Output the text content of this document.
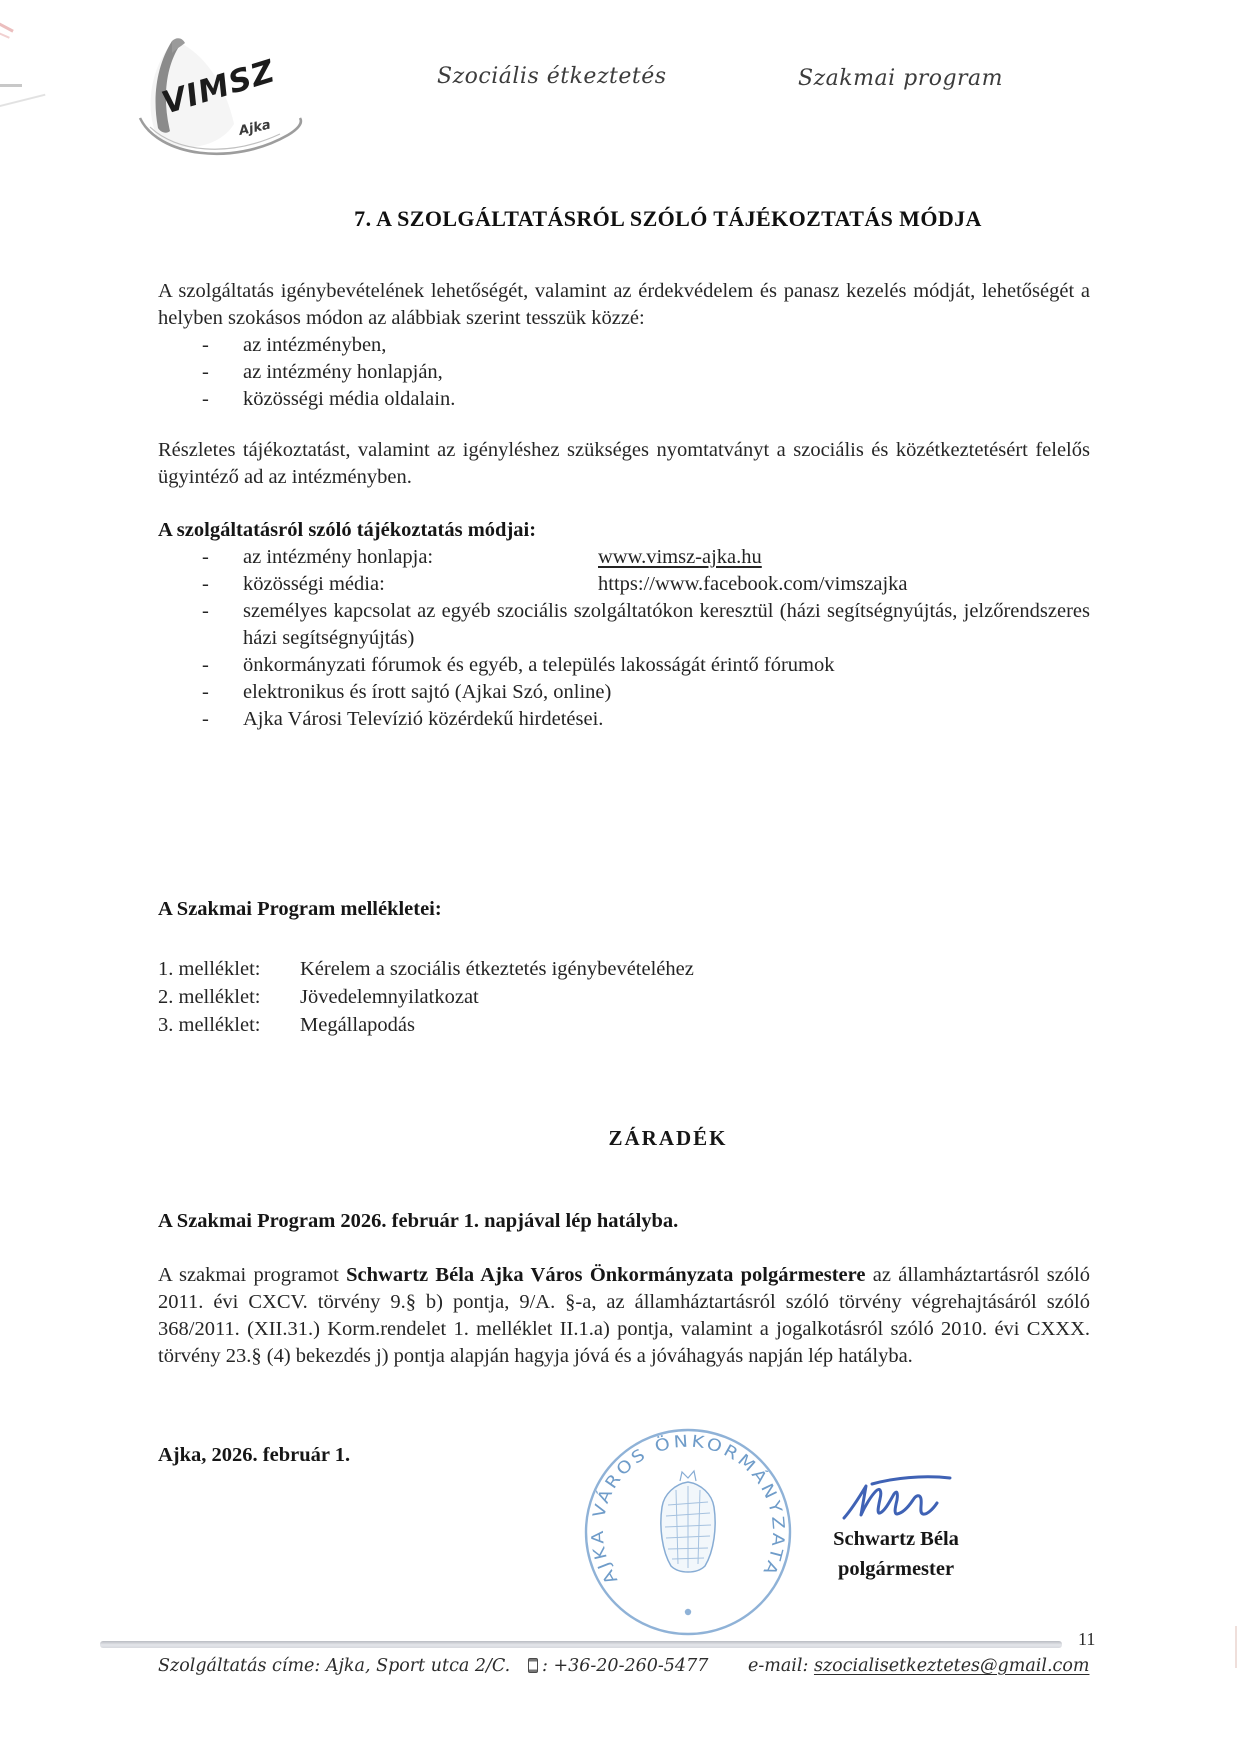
VIMSZ
Ajka
Szociális étkeztetés	Szakmai program
7. A SZOLGÁLTATÁSRÓL SZÓLÓ TÁJÉKOZTATÁS MÓDJA

A szolgáltatás igénybevételének lehetőségét, valamint az érdekvédelem és panasz kezelés módját, lehetőségét a helyben szokásos módon az alábbiak szerint tesszük közzé:

-	az intézményben,
-	az intézmény honlapján,
-	közösségi média oldalain.

Részletes tájékoztatást, valamint az igényléshez szükséges nyomtatványt a szociális és közétkeztetésért felelős ügyintéző ad az intézményben.

A szolgáltatásról szóló tájékoztatás módjai:
-	az intézmény honlapja:	www.vimsz-ajka.hu
-	közösségi média:	https://www.facebook.com/vimszajka
-	személyes kapcsolat az egyéb szociális szolgáltatókon keresztül (házi segítségnyújtás, jelzőrendszeres házi segítségnyújtás)
-	önkormányzati fórumok és egyéb, a település lakosságát érintő fórumok
-	elektronikus és írott sajtó (Ajkai Szó, online)
-	Ajka Városi Televízió közérdekű hirdetései.
A Szakmai Program mellékletei:
1. melléklet:	Kérelem a szociális étkeztetés igénybevételéhez
2. melléklet:	Jövedelemnyilatkozat
3. melléklet:	Megállapodás
ZÁRADÉK
A Szakmai Program 2026. február 1. napjával lép hatályba.

A szakmai programot Schwartz Béla Ajka Város Önkormányzata polgármestere az államháztartásról szóló 2011. évi CXCV. törvény 9.§ b) pontja, 9/A. §-a, az államháztartásról szóló törvény végrehajtásáról szóló 368/2011. (XII.31.) Korm.rendelet 1. melléklet II.1.a) pontja, valamint a jogalkotásról szóló 2010. évi CXXX. törvény 23.§ (4) bekezdés j) pontja alapján hagyja jóvá és a jóváhagyás napján lép hatályba.

Ajka, 2026. február 1.
AJKA VÁROS ÖNKORMÁNYZATA
Schwartz Béla
polgármester
11
Szolgáltatás címe: Ajka, Sport utca 2/C.	: +36-20-260-5477 e-mail: szocialisetkeztetes@gmail.com
